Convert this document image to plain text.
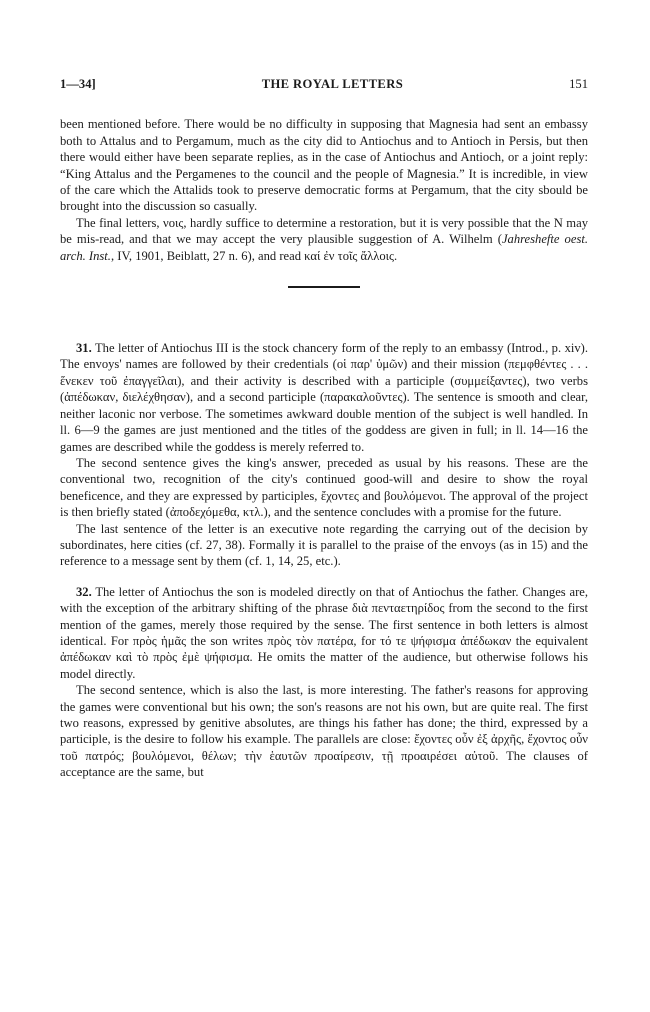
1—34]	THE ROYAL LETTERS	151

been mentioned before. There would be no difficulty in supposing that Magnesia had sent an embassy both to Attalus and to Pergamum, much as the city did to Antiochus and to Antioch in Persis, but then there would either have been separate replies, as in the case of Antiochus and Antioch, or a joint reply: “King Attalus and the Pergamenes to the council and the people of Magnesia.” It is incredible, in view of the care which the Attalids took to preserve democratic forms at Pergamum, that the city sbould be brought into the discussion so casually.

The final letters, νοις, hardly suffice to determine a restoration, but it is very possible that the N may be mis-read, and that we may accept the very plausible suggestion of A. Wilhelm (Jahreshefte oest. arch. Inst., IV, 1901, Beiblatt, 27 n. 6), and read καί ἐν τοῖς ἄλλοις.

31. The letter of Antiochus III is the stock chancery form of the reply to an embassy (Introd., p. xiv). The envoys' names are followed by their credentials (οἱ παρ' ὑμῶν) and their mission (πεμφθέντες . . . ἕνεκεν τοῦ ἐπαγγεῖλαι), and their activity is described with a participle (συμμείξαντες), two verbs (ἀπέδωκαν, διελέχθησαν), and a second participle (παρακαλοῦντες). The sentence is smooth and clear, neither laconic nor verbose. The sometimes awkward double mention of the subject is well handled. In ll. 6—9 the games are just mentioned and the titles of the goddess are given in full; in ll. 14—16 the games are described while the goddess is merely referred to.

The second sentence gives the king's answer, preceded as usual by his reasons. These are the conventional two, recognition of the city's continued good-will and desire to show the royal beneficence, and they are expressed by participles, ἔχοντες and βουλόμενοι. The approval of the project is then briefly stated (ἀποδεχόμεθα, κτλ.), and the sentence concludes with a promise for the future.

The last sentence of the letter is an executive note regarding the carrying out of the decision by subordinates, here cities (cf. 27, 38). Formally it is parallel to the praise of the envoys (as in 15) and the reference to a message sent by them (cf. 1, 14, 25, etc.).

32. The letter of Antiochus the son is modeled directly on that of Antiochus the father. Changes are, with the exception of the arbitrary shifting of the phrase διὰ πενταετηρίδος from the second to the first mention of the games, merely those required by the sense. The first sentence in both letters is almost identical. For πρὸς ἡμᾶς the son writes πρὸς τὸν πατέρα, for τό τε ψήφισμα ἀπέδωκαν the equivalent ἀπέδωκαν καὶ τὸ πρὸς ἐμὲ ψήφισμα. He omits the matter of the audience, but otherwise follows his model directly.

The second sentence, which is also the last, is more interesting. The father's reasons for approving the games were conventional but his own; the son's reasons are not his own, but are quite real. The first two reasons, expressed by genitive absolutes, are things his father has done; the third, expressed by a participle, is the desire to follow his example. The parallels are close: ἔχοντες οὖν ἐξ ἀρχῆς, ἔχοντος οὖν τοῦ πατρός; βουλόμενοι, θέλων; τὴν ἑαυτῶν προαίρεσιν, τῇ προαιρέσει αὐτοῦ. The clauses of acceptance are the same, but
